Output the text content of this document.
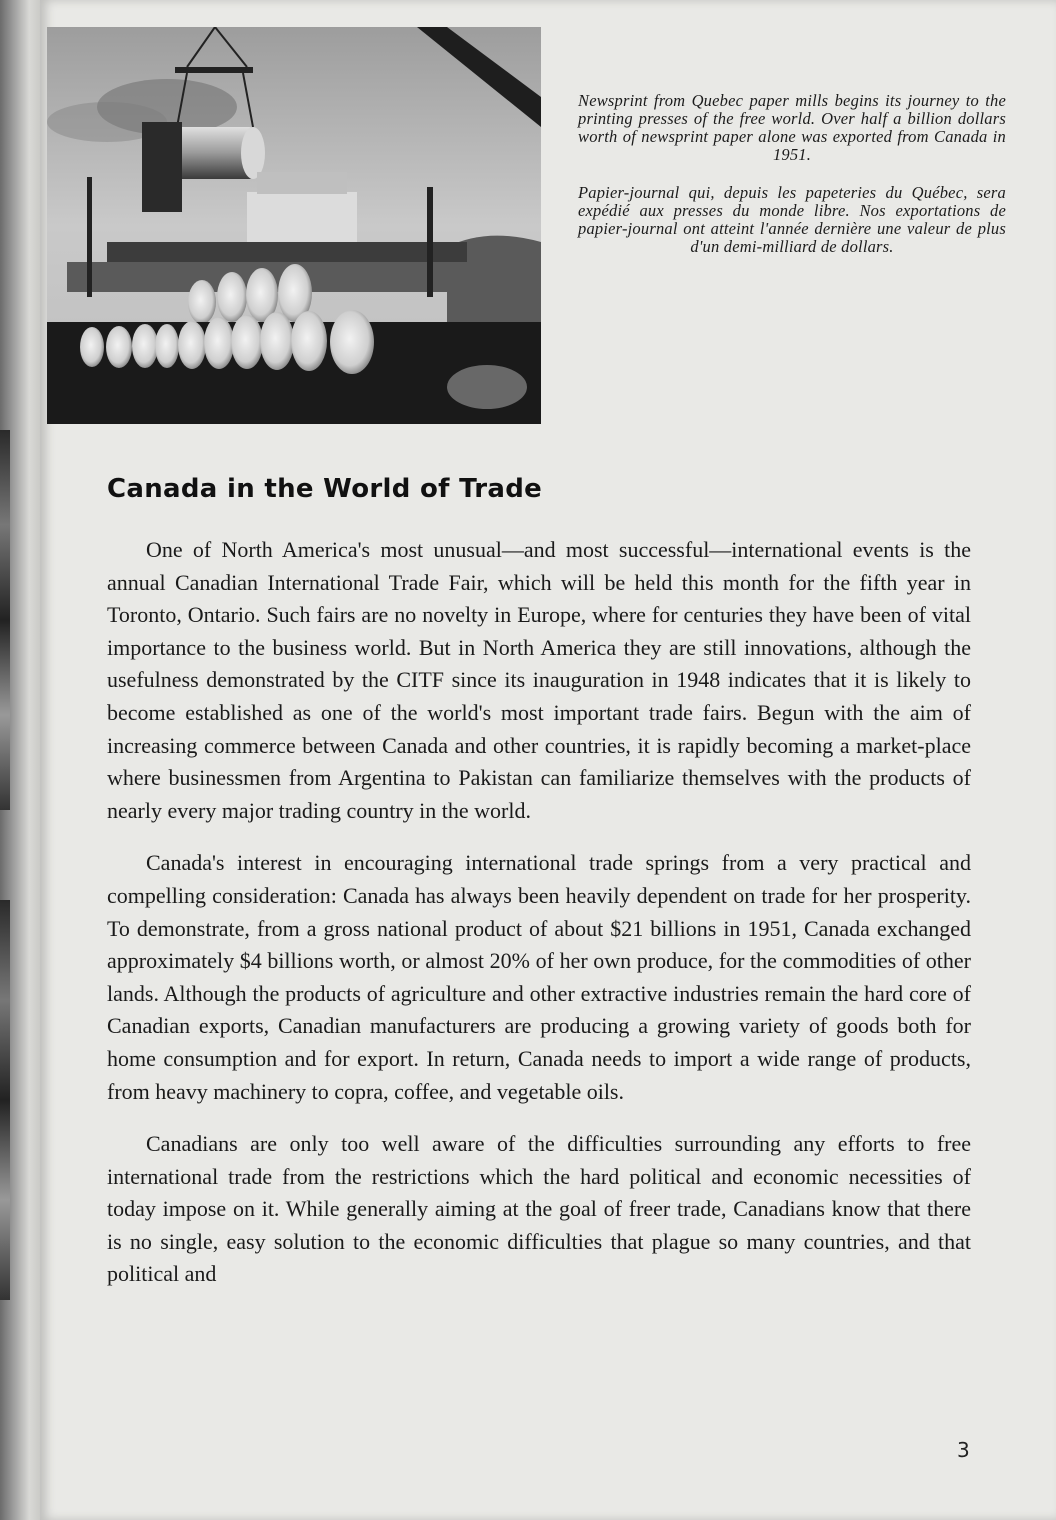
Newsprint from Quebec paper mills begins its journey to the printing presses of the free world. Over half a billion dollars worth of newsprint paper alone was exported from Canada in 1951.

Papier-journal qui, depuis les papeteries du Québec, sera expédié aux presses du monde libre. Nos exportations de papier-journal ont atteint l'année dernière une valeur de plus d'un demi-milliard de dollars.

Canada in the World of Trade

One of North America's most unusual—and most successful—international events is the annual Canadian International Trade Fair, which will be held this month for the fifth year in Toronto, Ontario. Such fairs are no novelty in Europe, where for centuries they have been of vital importance to the business world. But in North America they are still innovations, although the usefulness demonstrated by the CITF since its inauguration in 1948 indicates that it is likely to become established as one of the world's most important trade fairs. Begun with the aim of increasing commerce between Canada and other countries, it is rapidly becoming a market-place where businessmen from Argentina to Pakistan can familiarize themselves with the products of nearly every major trading country in the world.

Canada's interest in encouraging international trade springs from a very practical and compelling consideration: Canada has always been heavily dependent on trade for her prosperity. To demonstrate, from a gross national product of about $21 billions in 1951, Canada exchanged approximately $4 billions worth, or almost 20% of her own produce, for the commodities of other lands. Although the products of agriculture and other extractive industries remain the hard core of Canadian exports, Canadian manufacturers are producing a growing variety of goods both for home consumption and for export. In return, Canada needs to import a wide range of products, from heavy machinery to copra, coffee, and vegetable oils.

Canadians are only too well aware of the difficulties surrounding any efforts to free international trade from the restrictions which the hard political and economic necessities of today impose on it. While generally aiming at the goal of freer trade, Canadians know that there is no single, easy solution to the economic difficulties that plague so many countries, and that political and

3
